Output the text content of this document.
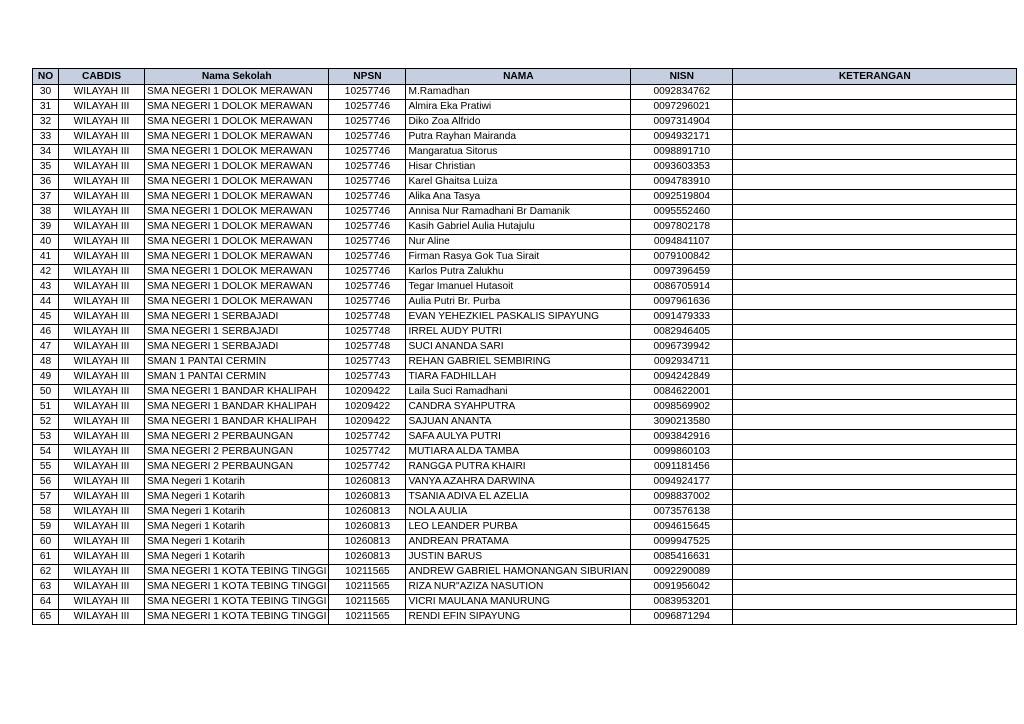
NO	CABDIS	Nama Sekolah	NPSN	NAMA	NISN	KETERANGAN
30	WILAYAH III	SMA NEGERI 1 DOLOK MERAWAN	10257746	M.Ramadhan	0092834762	
31	WILAYAH III	SMA NEGERI 1 DOLOK MERAWAN	10257746	Almira Eka Pratiwi	0097296021	
32	WILAYAH III	SMA NEGERI 1 DOLOK MERAWAN	10257746	Diko Zoa Alfrido	0097314904	
33	WILAYAH III	SMA NEGERI 1 DOLOK MERAWAN	10257746	Putra Rayhan Mairanda	0094932171	
34	WILAYAH III	SMA NEGERI 1 DOLOK MERAWAN	10257746	Mangaratua Sitorus	0098891710	
35	WILAYAH III	SMA NEGERI 1 DOLOK MERAWAN	10257746	Hisar Christian	0093603353	
36	WILAYAH III	SMA NEGERI 1 DOLOK MERAWAN	10257746	Karel Ghaitsa Luiza	0094783910	
37	WILAYAH III	SMA NEGERI 1 DOLOK MERAWAN	10257746	Alika Ana Tasya	0092519804	
38	WILAYAH III	SMA NEGERI 1 DOLOK MERAWAN	10257746	Annisa Nur Ramadhani Br Damanik	0095552460	
39	WILAYAH III	SMA NEGERI 1 DOLOK MERAWAN	10257746	Kasih Gabriel Aulia Hutajulu	0097802178	
40	WILAYAH III	SMA NEGERI 1 DOLOK MERAWAN	10257746	Nur Aline	0094841107	
41	WILAYAH III	SMA NEGERI 1 DOLOK MERAWAN	10257746	Firman Rasya Gok Tua Sirait	0079100842	
42	WILAYAH III	SMA NEGERI 1 DOLOK MERAWAN	10257746	Karlos Putra Zalukhu	0097396459	
43	WILAYAH III	SMA NEGERI 1 DOLOK MERAWAN	10257746	Tegar Imanuel Hutasoit	0086705914	
44	WILAYAH III	SMA NEGERI 1 DOLOK MERAWAN	10257746	Aulia Putri Br. Purba	0097961636	
45	WILAYAH III	SMA NEGERI 1 SERBAJADI	10257748	EVAN YEHEZKIEL PASKALIS SIPAYUNG	0091479333	
46	WILAYAH III	SMA NEGERI 1 SERBAJADI	10257748	IRREL AUDY PUTRI	0082946405	
47	WILAYAH III	SMA NEGERI 1 SERBAJADI	10257748	SUCI ANANDA SARI	0096739942	
48	WILAYAH III	SMAN 1 PANTAI CERMIN	10257743	REHAN GABRIEL SEMBIRING	0092934711	
49	WILAYAH III	SMAN 1 PANTAI CERMIN	10257743	TIARA FADHILLAH	0094242849	
50	WILAYAH III	SMA NEGERI 1 BANDAR KHALIPAH	10209422	Laila Suci Ramadhani	0084622001	
51	WILAYAH III	SMA NEGERI 1 BANDAR KHALIPAH	10209422	CANDRA SYAHPUTRA	0098569902	
52	WILAYAH III	SMA NEGERI 1 BANDAR KHALIPAH	10209422	SAJUAN ANANTA	3090213580	
53	WILAYAH III	SMA NEGERI 2 PERBAUNGAN	10257742	SAFA AULYA PUTRI	0093842916	
54	WILAYAH III	SMA NEGERI 2 PERBAUNGAN	10257742	MUTIARA ALDA TAMBA	0099860103	
55	WILAYAH III	SMA NEGERI 2 PERBAUNGAN	10257742	RANGGA PUTRA KHAIRI	0091181456	
56	WILAYAH III	SMA Negeri 1 Kotarih	10260813	VANYA AZAHRA DARWINA	0094924177	
57	WILAYAH III	SMA Negeri 1 Kotarih	10260813	TSANIA ADIVA EL AZELIA	0098837002	
58	WILAYAH III	SMA Negeri 1 Kotarih	10260813	NOLA AULIA	0073576138	
59	WILAYAH III	SMA Negeri 1 Kotarih	10260813	LEO LEANDER PURBA	0094615645	
60	WILAYAH III	SMA Negeri 1 Kotarih	10260813	ANDREAN PRATAMA	0099947525	
61	WILAYAH III	SMA Negeri 1 Kotarih	10260813	JUSTIN BARUS	0085416631	
62	WILAYAH III	SMA NEGERI 1 KOTA TEBING TINGGI	10211565	ANDREW GABRIEL HAMONANGAN SIBURIAN	0092290089	
63	WILAYAH III	SMA NEGERI 1 KOTA TEBING TINGGI	10211565	RIZA NUR"AZIZA NASUTION	0091956042	
64	WILAYAH III	SMA NEGERI 1 KOTA TEBING TINGGI	10211565	VICRI MAULANA MANURUNG	0083953201	
65	WILAYAH III	SMA NEGERI 1 KOTA TEBING TINGGI	10211565	RENDI EFIN SIPAYUNG	0096871294	
